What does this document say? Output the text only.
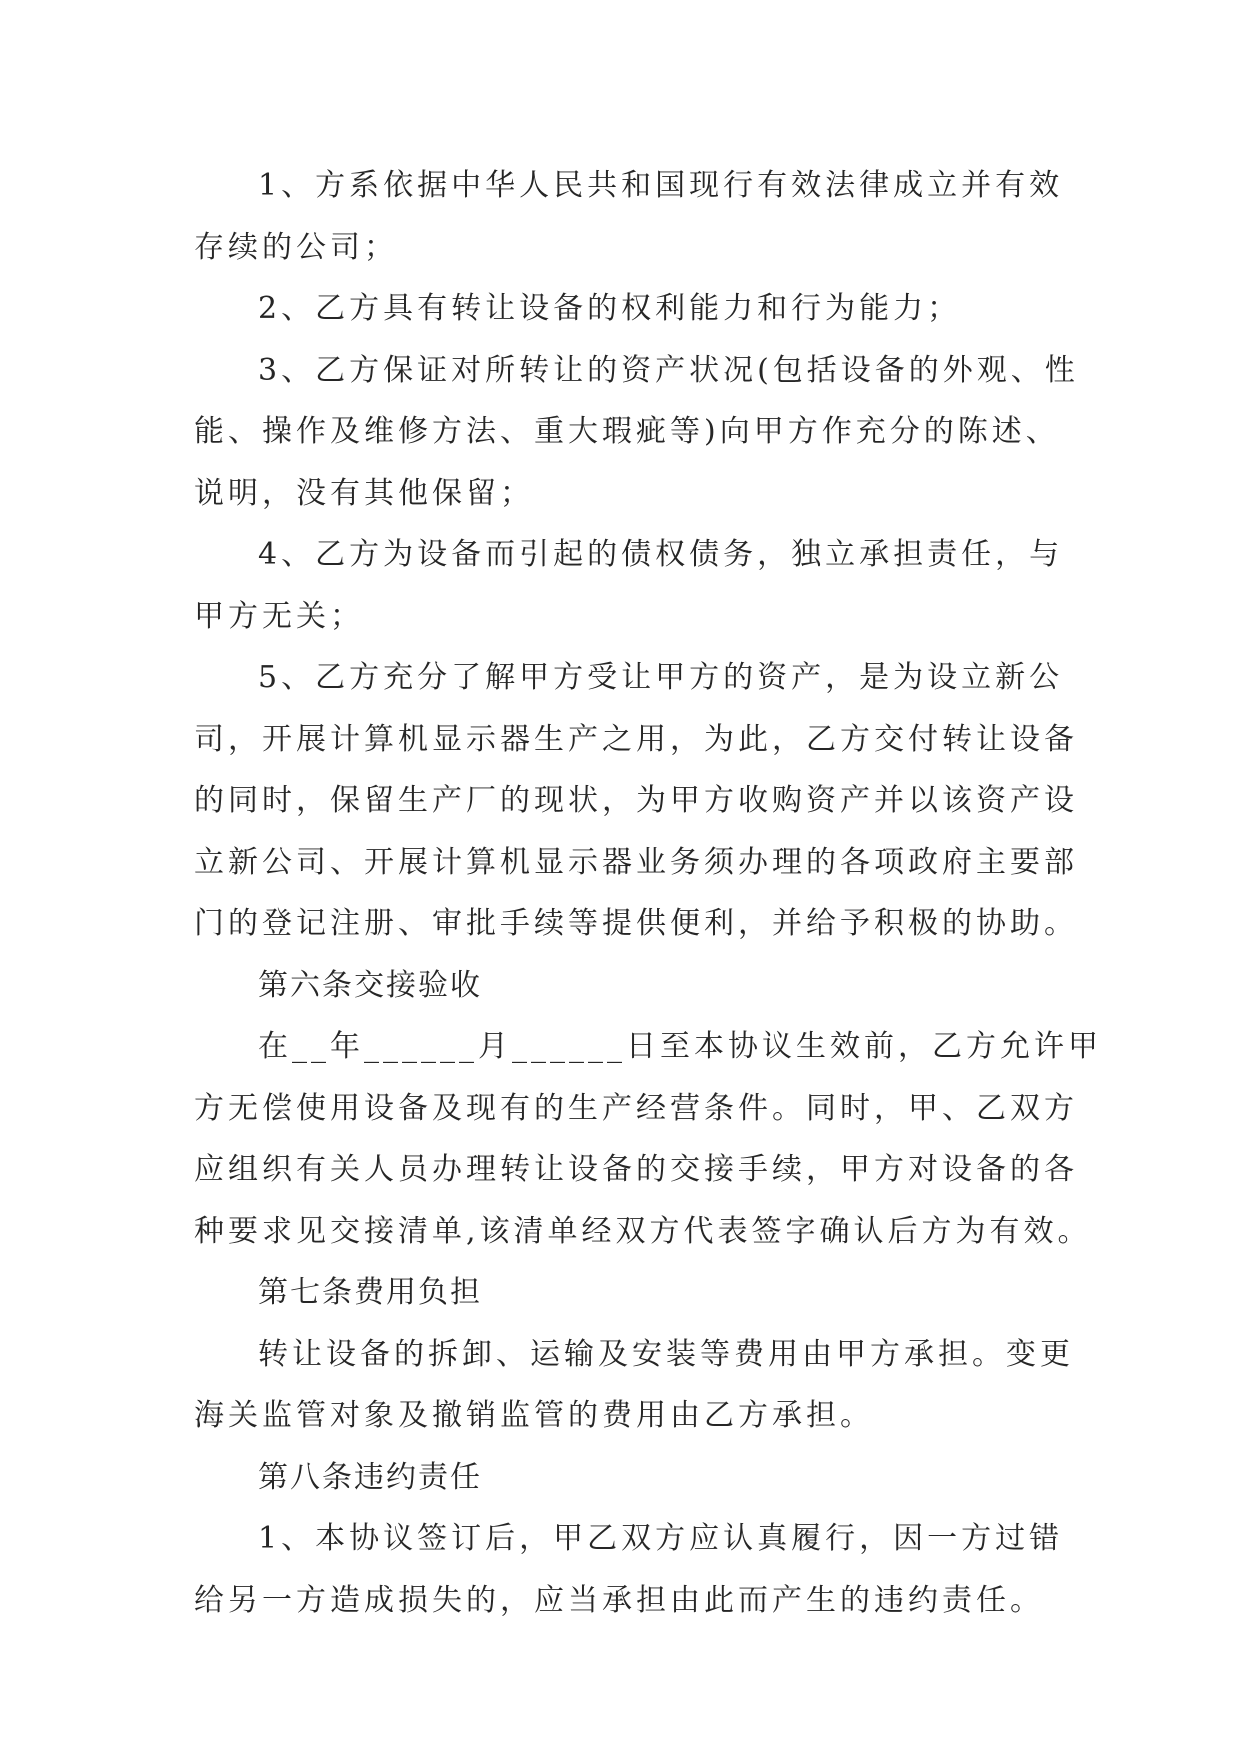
1、方系依据中华人民共和国现行有效法律成立并有效
存续的公司；
2、乙方具有转让设备的权利能力和行为能力；
3、乙方保证对所转让的资产状况(包括设备的外观、性
能、操作及维修方法、重大瑕疵等)向甲方作充分的陈述、
说明，没有其他保留；
4、乙方为设备而引起的债权债务，独立承担责任，与
甲方无关；
5、乙方充分了解甲方受让甲方的资产，是为设立新公
司，开展计算机显示器生产之用，为此，乙方交付转让设备
的同时，保留生产厂的现状，为甲方收购资产并以该资产设
立新公司、开展计算机显示器业务须办理的各项政府主要部
门的登记注册、审批手续等提供便利，并给予积极的协助。
第六条交接验收
在__年______月______日至本协议生效前，乙方允许甲
方无偿使用设备及现有的生产经营条件。同时，甲、乙双方
应组织有关人员办理转让设备的交接手续，甲方对设备的各
种要求见交接清单,该清单经双方代表签字确认后方为有效。
第七条费用负担
转让设备的拆卸、运输及安装等费用由甲方承担。变更
海关监管对象及撤销监管的费用由乙方承担。
第八条违约责任
1、本协议签订后，甲乙双方应认真履行，因一方过错
给另一方造成损失的，应当承担由此而产生的违约责任。
